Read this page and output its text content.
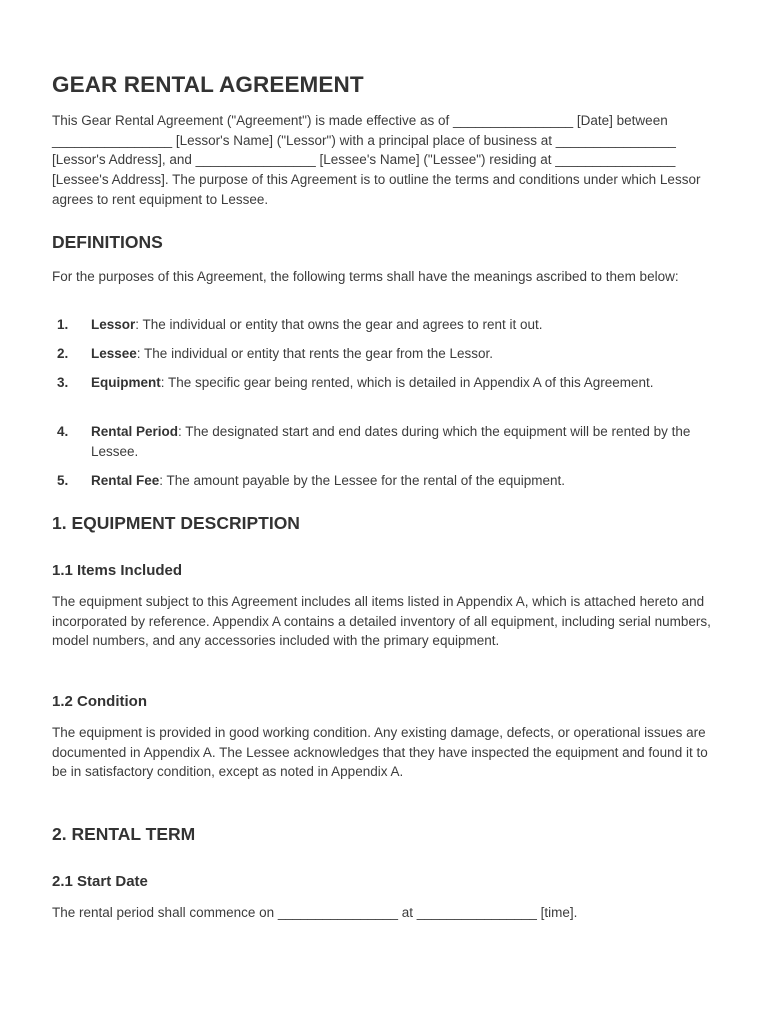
GEAR RENTAL AGREEMENT

This Gear Rental Agreement ("Agreement") is made effective as of ________________ [Date] between ________________ [Lessor's Name] ("Lessor") with a principal place of business at ________________ [Lessor's Address], and ________________ [Lessee's Name] ("Lessee") residing at ________________ [Lessee's Address]. The purpose of this Agreement is to outline the terms and conditions under which Lessor agrees to rent equipment to Lessee.

DEFINITIONS

For the purposes of this Agreement, the following terms shall have the meanings ascribed to them below:

1. Lessor: The individual or entity that owns the gear and agrees to rent it out.
2. Lessee: The individual or entity that rents the gear from the Lessor.
3. Equipment: The specific gear being rented, which is detailed in Appendix A of this Agreement.
4. Rental Period: The designated start and end dates during which the equipment will be rented by the Lessee.
5. Rental Fee: The amount payable by the Lessee for the rental of the equipment.
1. EQUIPMENT DESCRIPTION
1.1 Items Included

The equipment subject to this Agreement includes all items listed in Appendix A, which is attached hereto and incorporated by reference. Appendix A contains a detailed inventory of all equipment, including serial numbers, model numbers, and any accessories included with the primary equipment.

1.2 Condition

The equipment is provided in good working condition. Any existing damage, defects, or operational issues are documented in Appendix A. The Lessee acknowledges that they have inspected the equipment and found it to be in satisfactory condition, except as noted in Appendix A.

2. RENTAL TERM
2.1 Start Date

The rental period shall commence on ________________ at ________________ [time].
